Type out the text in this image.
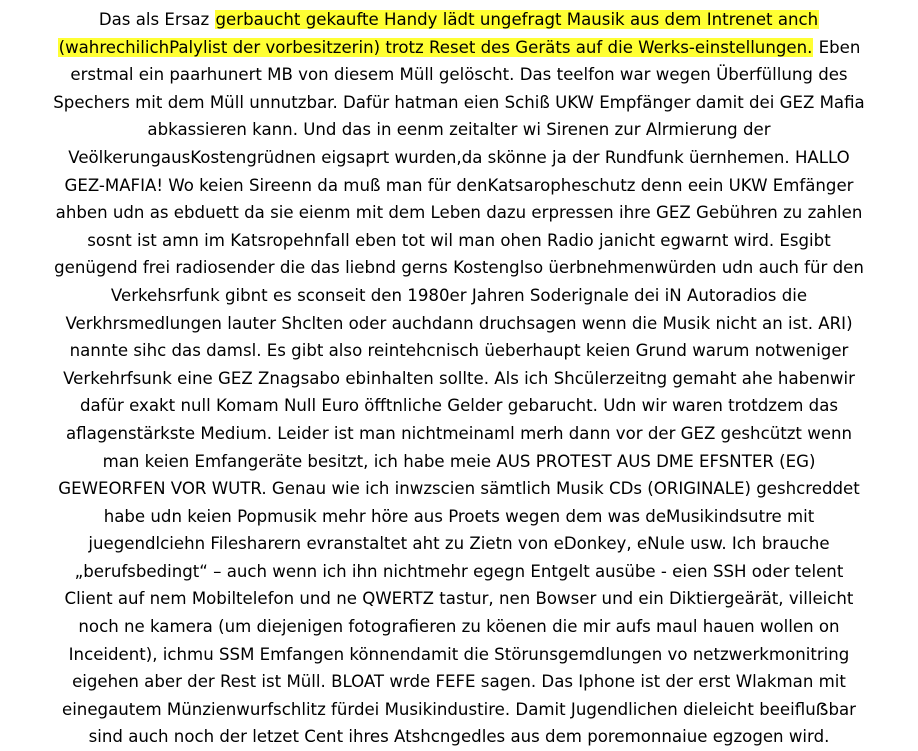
Das als Ersaz gerbaucht gekaufte Handy lädt ungefragt Mausik aus dem Intrenet anch
(wahrechilichPalylist der vorbesitzerin) trotz Reset des Geräts auf die Werks-einstellungen. Eben
erstmal ein paarhunert MB von diesem Müll gelöscht. Das teelfon war wegen Überfüllung des
Spechers mit dem Müll unnutzbar. Dafür hatman eien Schiß UKW Empfänger damit dei GEZ Mafia
abkassieren kann. Und das in eenm zeitalter wi Sirenen zur Alrmierung der
VeölkerungausKostengrüdnen eigsaprt wurden,da skönne ja der Rundfunk üernhemen. HALLO
GEZ-MAFIA! Wo keien Sireenn da muß man für denKatsaropheschutz denn eein UKW Emfänger
ahben udn as ebduett da sie eienm mit dem Leben dazu erpressen ihre GEZ Gebühren zu zahlen
sosnt ist amn im Katsropehnfall eben tot wil man ohen Radio janicht egwarnt wird. Esgibt
genügend frei radiosender die das liebnd gerns Kostenglso üerbnehmenwürden udn auch für den
Verkehsrfunk gibnt es sconseit den 1980er Jahren Soderignale dei iN Autoradios die
Verkhrsmedlungen lauter Shclten oder auchdann druchsagen wenn die Musik nicht an ist. ARI)
nannte sihc das damsl. Es gibt also reintehcnisch üeberhaupt keien Grund warum notweniger
Verkehrfsunk eine GEZ Znagsabo ebinhalten sollte. Als ich Shcülerzeitng gemaht ahe habenwir
dafür exakt null Komam Null Euro öfftnliche Gelder gebarucht. Udn wir waren trotdzem das
aflagenstärkste Medium. Leider ist man nichtmeinaml merh dann vor der GEZ geshcützt wenn
man keien Emfangeräte besitzt, ich habe meie AUS PROTEST AUS DME EFSNTER (EG)
GEWEORFEN VOR WUTR. Genau wie ich inwzscien sämtlich Musik CDs (ORIGINALE) geshcreddet
habe udn keien Popmusik mehr höre aus Proets wegen dem was deMusikindsutre mit
juegendlciehn Filesharern evranstaltet aht zu Zietn von eDonkey, eNule usw. Ich brauche
„berufsbedingt“ – auch wenn ich ihn nichtmehr egegn Entgelt ausübe - eien SSH oder telent
Client auf nem Mobiltelefon und ne QWERTZ tastur, nen Bowser und ein Diktiergeärät, villeicht
noch ne kamera (um diejenigen fotografieren zu köenen die mir aufs maul hauen wollen on
Inceident), ichmu SSM Emfangen könnendamit die Störunsgemdlungen vo netzwerkmonitring
eigehen aber der Rest ist Müll. BLOAT wrde FEFE sagen. Das Iphone ist der erst Wlakman mit
einegautem Münzienwurfschlitz fürdei Musikindustire. Damit Jugendlichen dieleicht beeifluẞbar
sind auch noch der letzet Cent ihres Atshcngedles aus dem poremonnaiue egzogen wird.
